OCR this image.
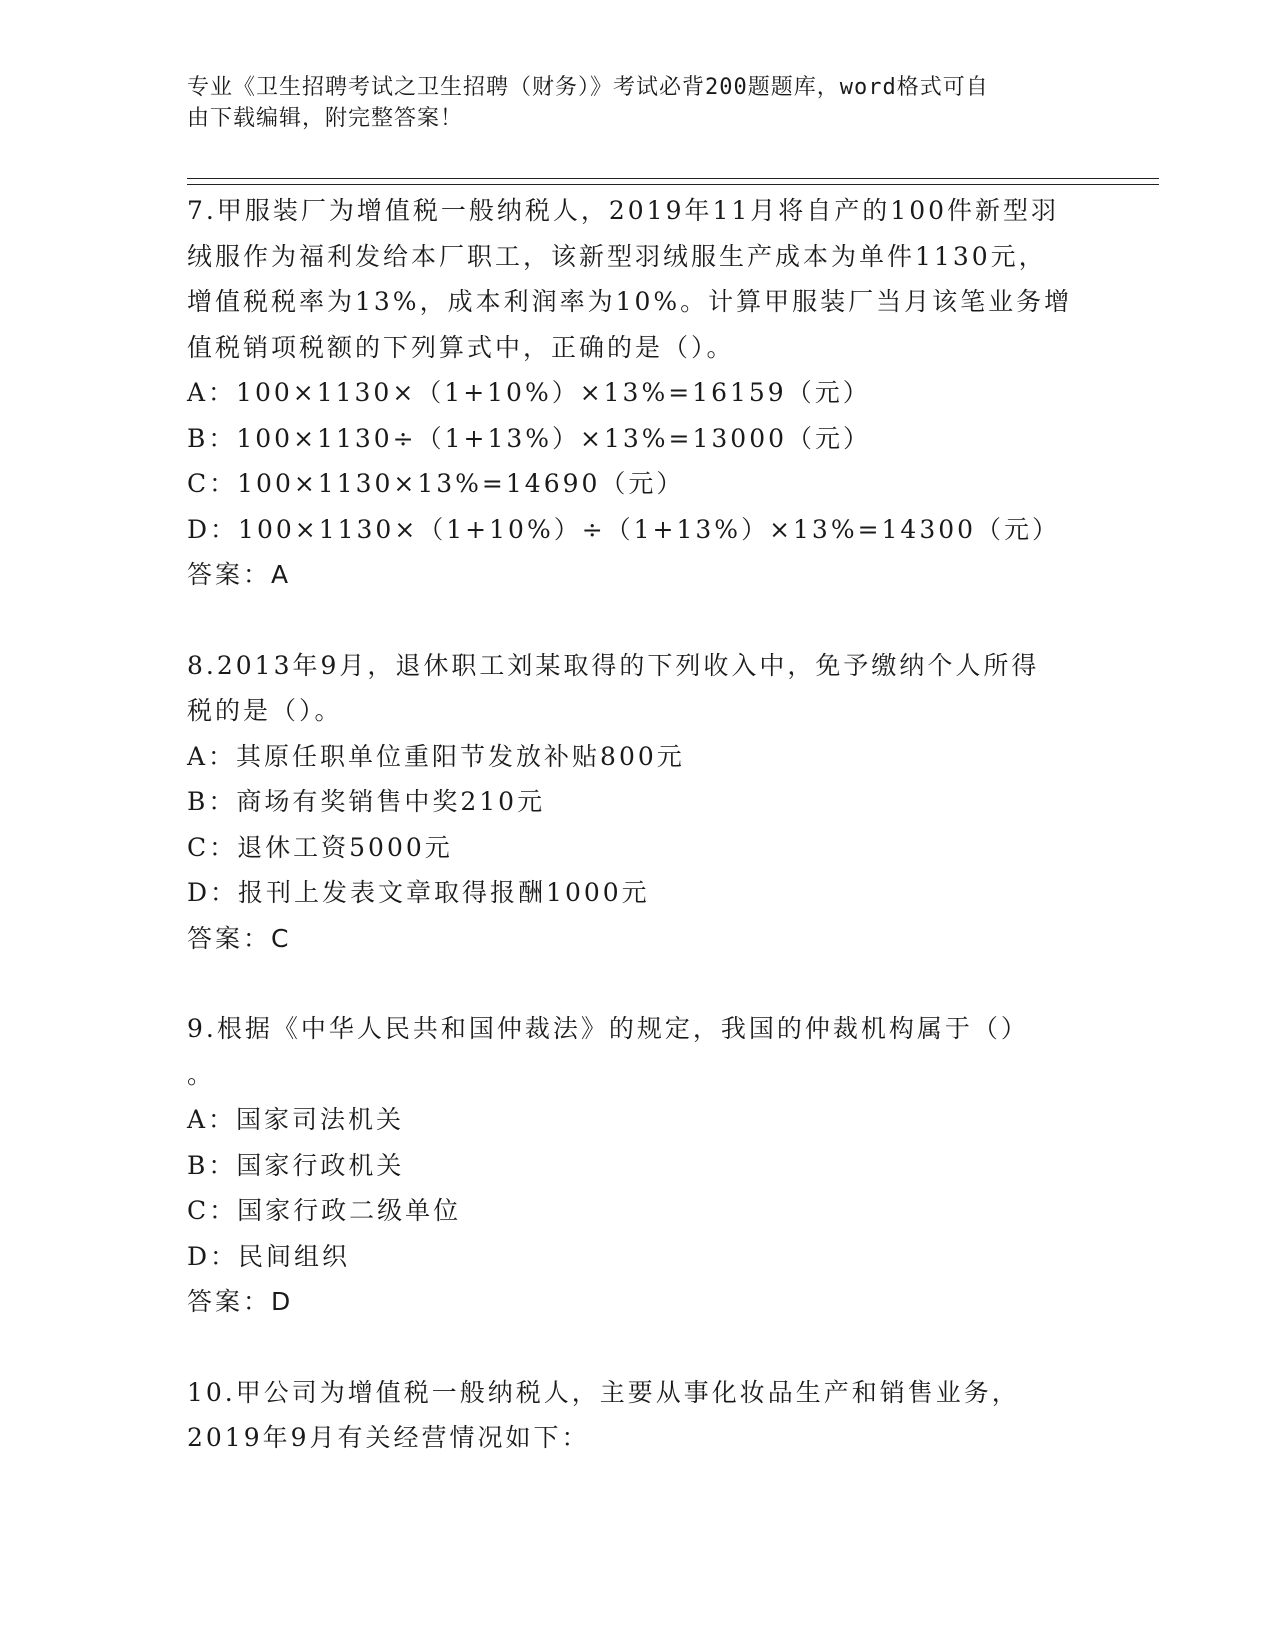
专业《卫生招聘考试之卫生招聘（财务）》考试必背200题题库，word格式可自
由下载编辑，附完整答案！

7.甲服装厂为增值税一般纳税人，2019年11月将自产的100件新型羽

绒服作为福利发给本厂职工，该新型羽绒服生产成本为单件1130元，

增值税税率为13%，成本利润率为10%。计算甲服装厂当月该笔业务增

值税销项税额的下列算式中，正确的是（）。

A：100×1130×（1+10%）×13%=16159（元）

B：100×1130÷（1+13%）×13%=13000（元）

C：100×1130×13%=14690（元）

D：100×1130×（1+10%）÷（1+13%）×13%=14300（元）

答案：A

8.2013年9月，退休职工刘某取得的下列收入中，免予缴纳个人所得

税的是（）。

A：其原任职单位重阳节发放补贴800元

B：商场有奖销售中奖210元

C：退休工资5000元

D：报刊上发表文章取得报酬1000元

答案：C

9.根据《中华人民共和国仲裁法》的规定，我国的仲裁机构属于（）

。

A：国家司法机关

B：国家行政机关

C：国家行政二级单位

D：民间组织

答案：D

10.甲公司为增值税一般纳税人，主要从事化妆品生产和销售业务，

2019年9月有关经营情况如下：
